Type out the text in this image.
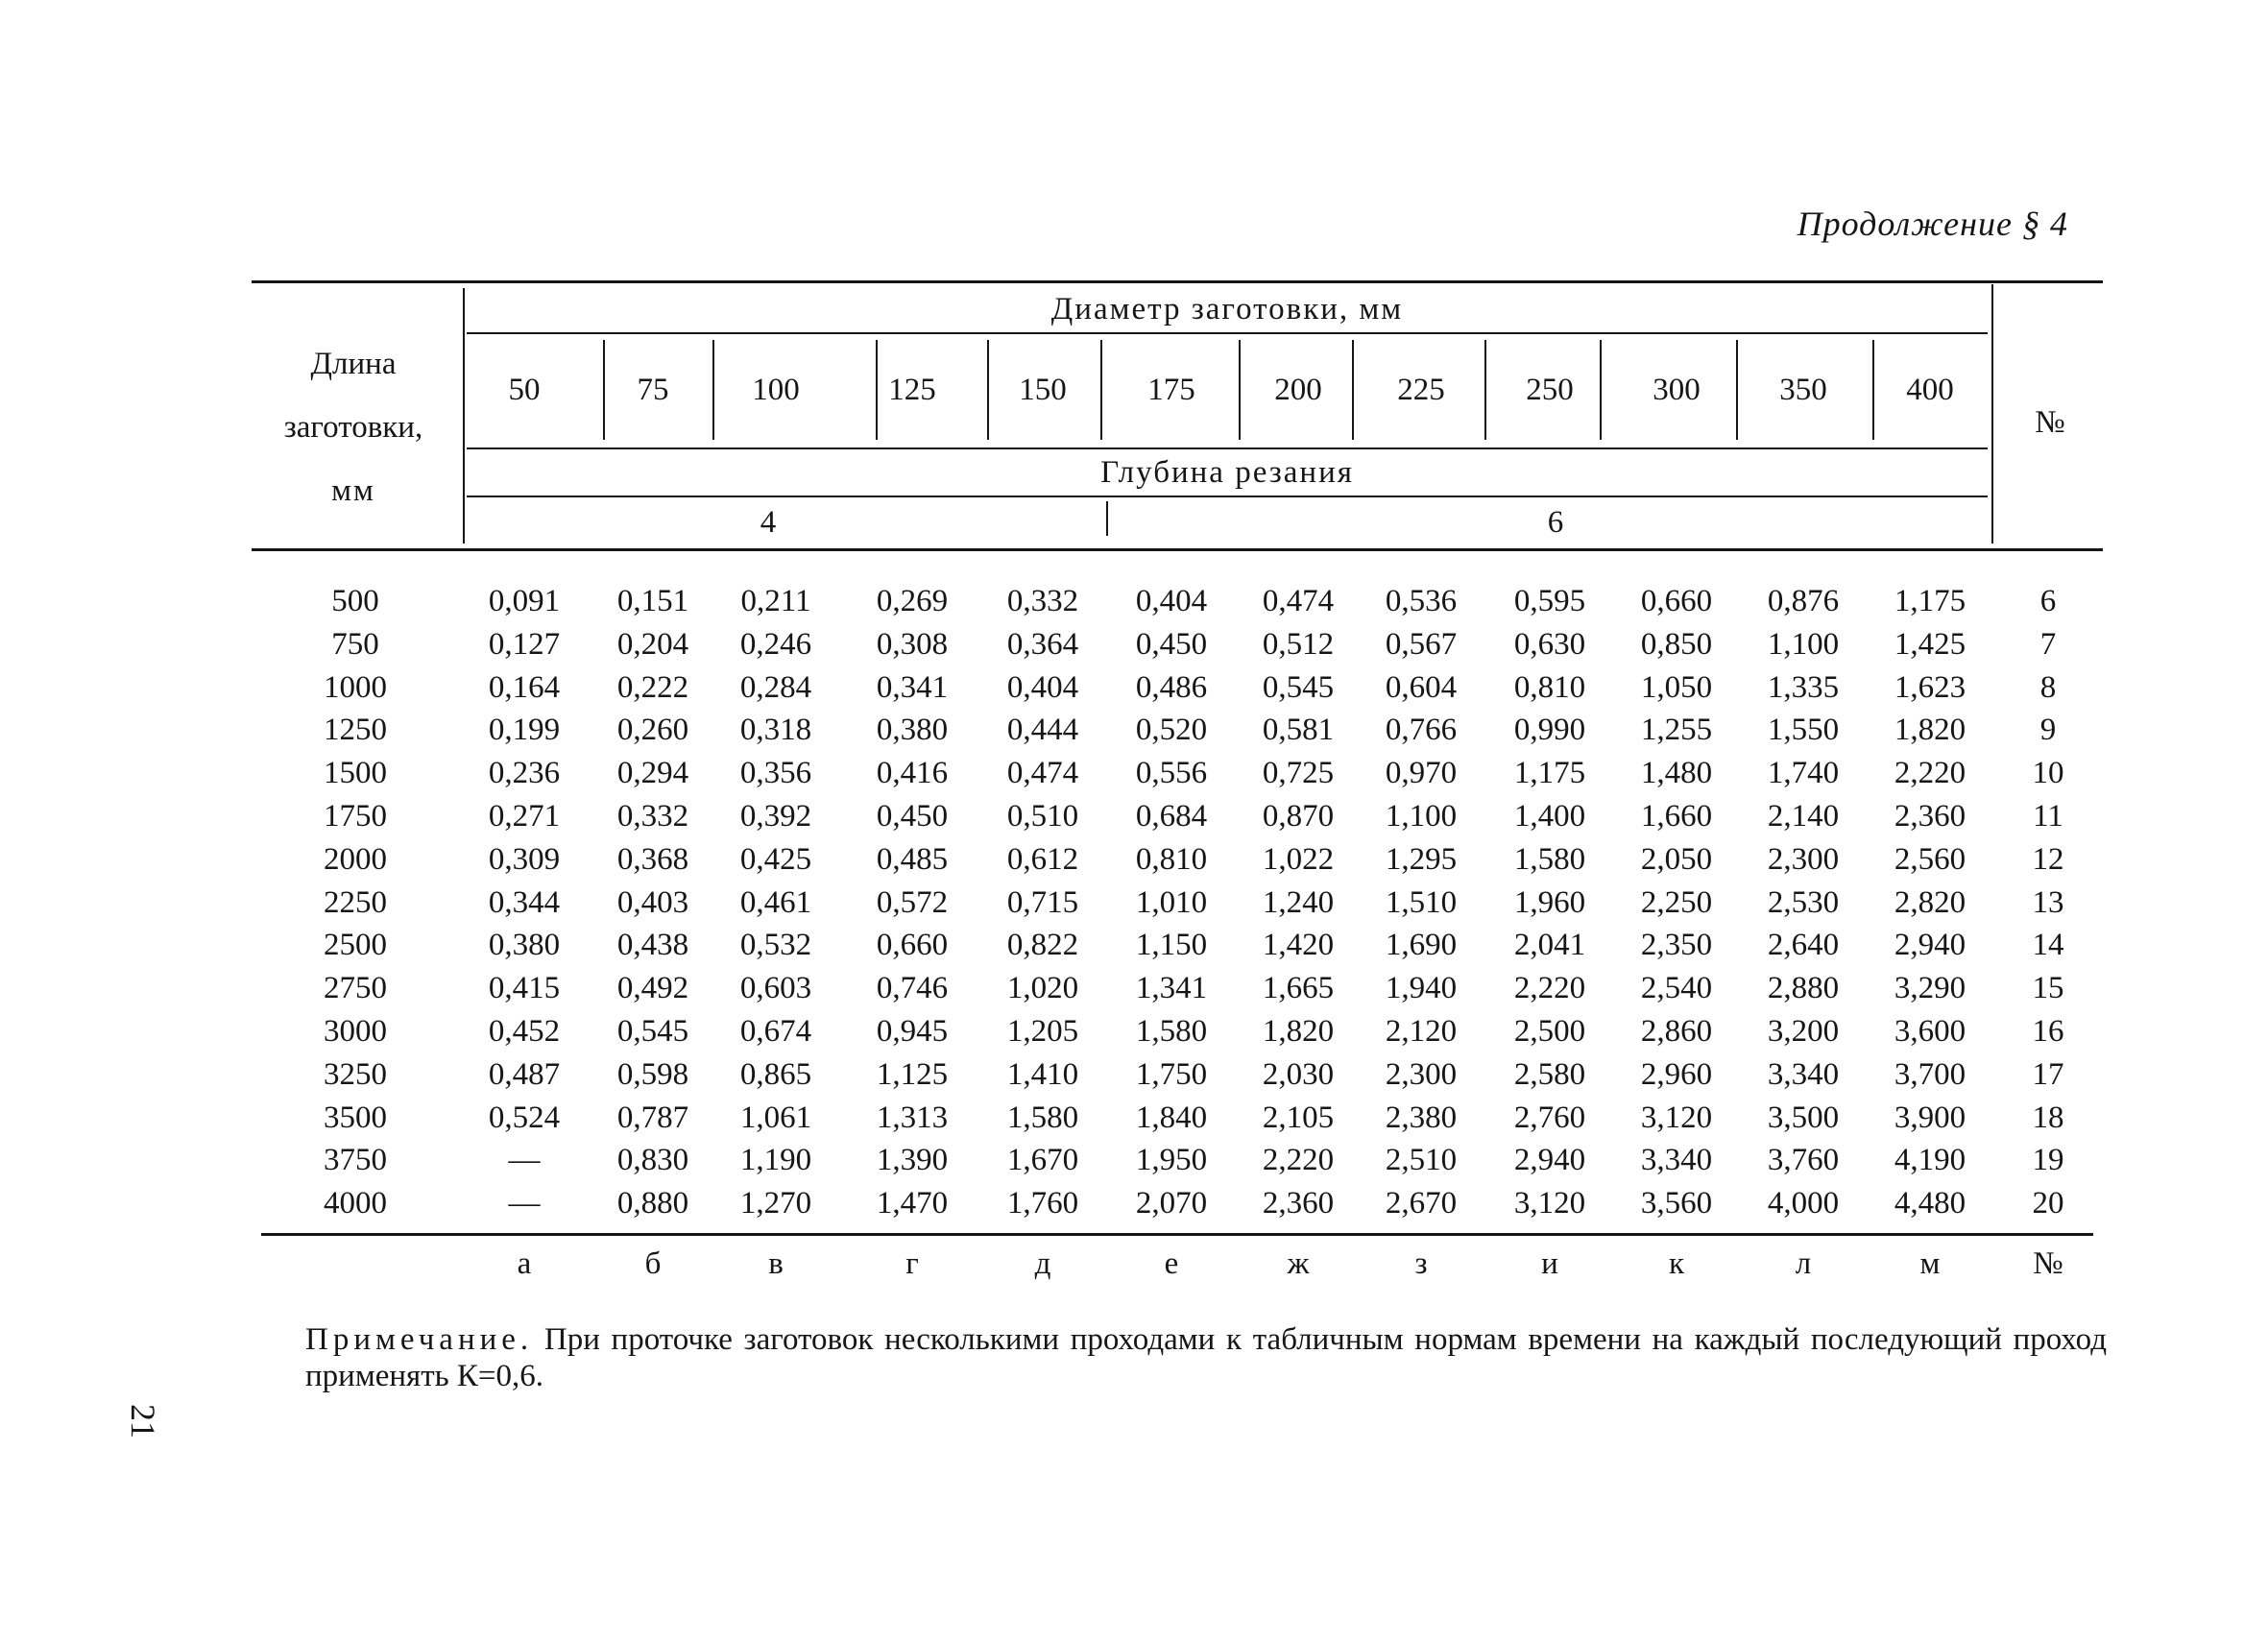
Продолжение § 4
Длина
заготовки,
мм
Диаметр заготовки, мм
Глубина резания
4	6
№
50	75	100	125	150	175	200	225	250	300	350	400
500	0,091	0,151	0,211	0,269	0,332	0,404	0,474	0,536	0,595	0,660	0,876	1,175	6
750	0,127	0,204	0,246	0,308	0,364	0,450	0,512	0,567	0,630	0,850	1,100	1,425	7
1000	0,164	0,222	0,284	0,341	0,404	0,486	0,545	0,604	0,810	1,050	1,335	1,623	8
1250	0,199	0,260	0,318	0,380	0,444	0,520	0,581	0,766	0,990	1,255	1,550	1,820	9
1500	0,236	0,294	0,356	0,416	0,474	0,556	0,725	0,970	1,175	1,480	1,740	2,220	10
1750	0,271	0,332	0,392	0,450	0,510	0,684	0,870	1,100	1,400	1,660	2,140	2,360	11
2000	0,309	0,368	0,425	0,485	0,612	0,810	1,022	1,295	1,580	2,050	2,300	2,560	12
2250	0,344	0,403	0,461	0,572	0,715	1,010	1,240	1,510	1,960	2,250	2,530	2,820	13
2500	0,380	0,438	0,532	0,660	0,822	1,150	1,420	1,690	2,041	2,350	2,640	2,940	14
2750	0,415	0,492	0,603	0,746	1,020	1,341	1,665	1,940	2,220	2,540	2,880	3,290	15
3000	0,452	0,545	0,674	0,945	1,205	1,580	1,820	2,120	2,500	2,860	3,200	3,600	16
3250	0,487	0,598	0,865	1,125	1,410	1,750	2,030	2,300	2,580	2,960	3,340	3,700	17
3500	0,524	0,787	1,061	1,313	1,580	1,840	2,105	2,380	2,760	3,120	3,500	3,900	18
3750	—	0,830	1,190	1,390	1,670	1,950	2,220	2,510	2,940	3,340	3,760	4,190	19
4000	—	0,880	1,270	1,470	1,760	2,070	2,360	2,670	3,120	3,560	4,000	4,480	20
а	б	в	г	д	е	ж	з	и	к	л	м	№
Примечание. При проточке заготовок несколькими проходами к табличным нормам времени на каждый последующий проход применять К=0,6.
21
